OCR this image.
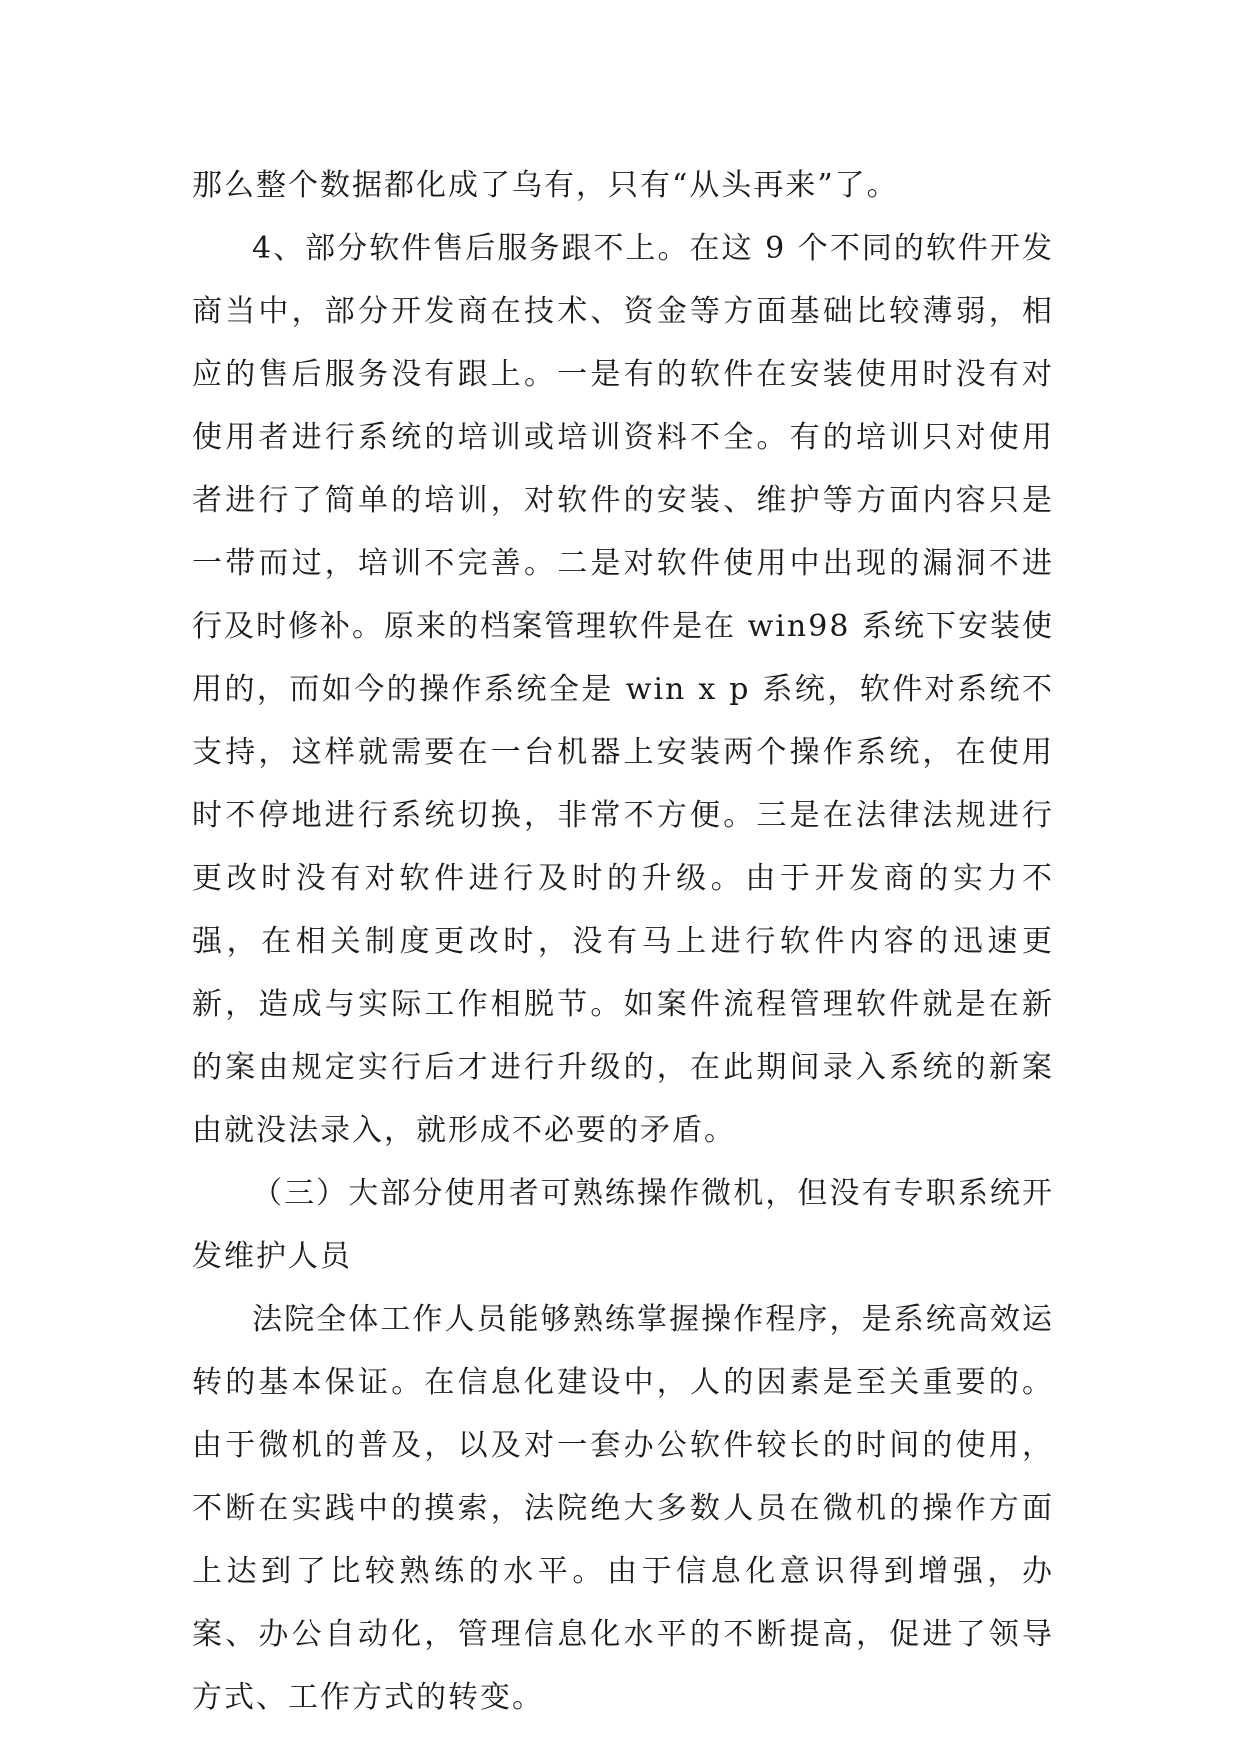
那么整个数据都化成了乌有，只有“从头再来”了。

4、部分软件售后服务跟不上。在这 9 个不同的软件开发商当中，部分开发商在技术、资金等方面基础比较薄弱，相应的售后服务没有跟上。一是有的软件在安装使用时没有对使用者进行系统的培训或培训资料不全。有的培训只对使用者进行了简单的培训，对软件的安装、维护等方面内容只是一带而过，培训不完善。二是对软件使用中出现的漏洞不进行及时修补。原来的档案管理软件是在 win98 系统下安装使用的，而如今的操作系统全是 win x p 系统，软件对系统不支持，这样就需要在一台机器上安装两个操作系统，在使用时不停地进行系统切换，非常不方便。三是在法律法规进行更改时没有对软件进行及时的升级。由于开发商的实力不强，在相关制度更改时，没有马上进行软件内容的迅速更新，造成与实际工作相脱节。如案件流程管理软件就是在新的案由规定实行后才进行升级的，在此期间录入系统的新案由就没法录入，就形成不必要的矛盾。

（三）大部分使用者可熟练操作微机，但没有专职系统开发维护人员

法院全体工作人员能够熟练掌握操作程序，是系统高效运转的基本保证。在信息化建设中，人的因素是至关重要的。由于微机的普及，以及对一套办公软件较长的时间的使用，不断在实践中的摸索，法院绝大多数人员在微机的操作方面上达到了比较熟练的水平。由于信息化意识得到增强，办案、办公自动化，管理信息化水平的不断提高，促进了领导方式、工作方式的转变。
